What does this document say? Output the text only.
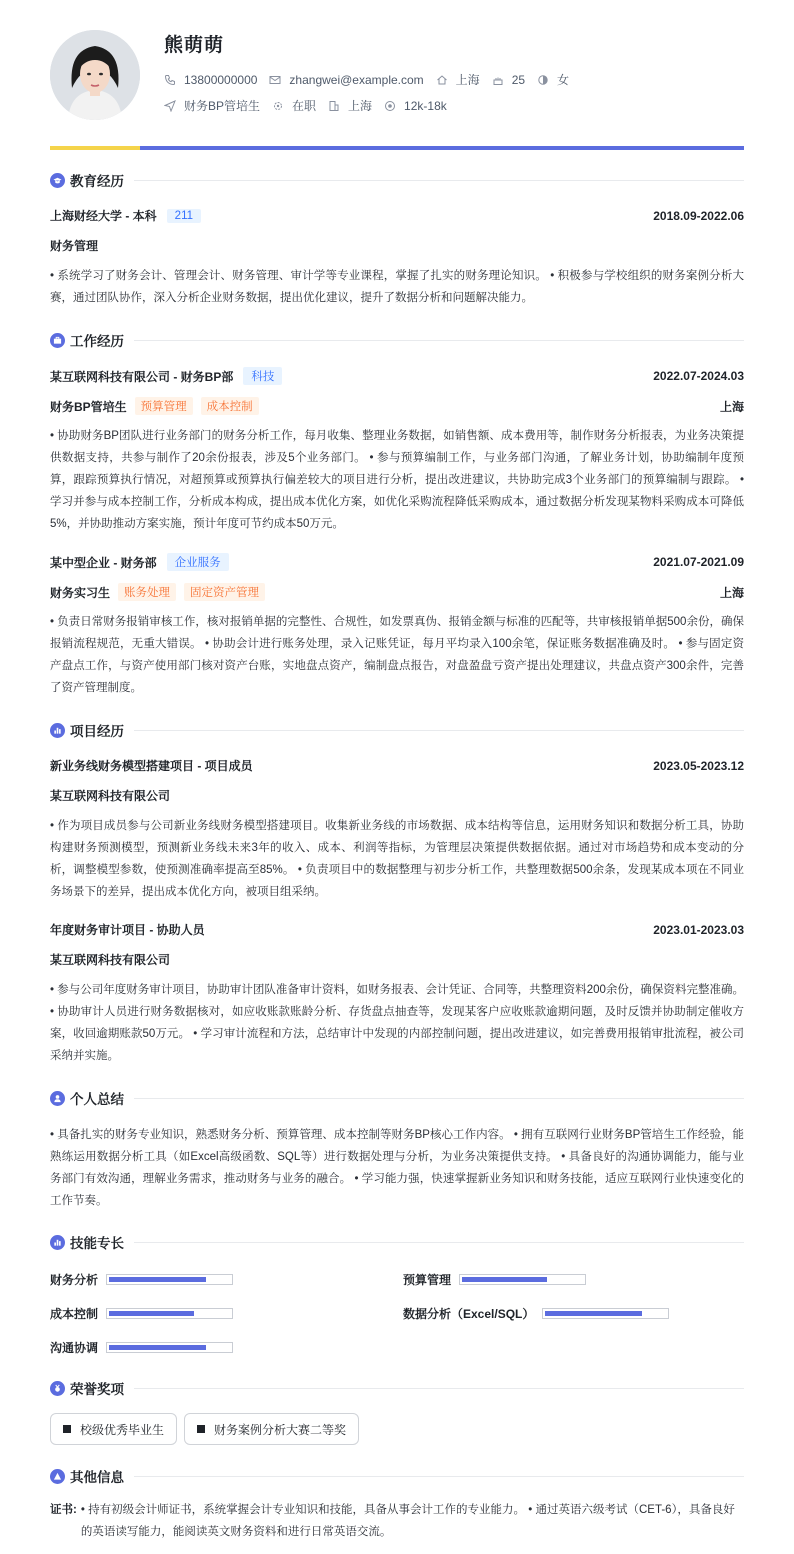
熊萌萌
13800000000	zhangwei@example.com	上海	25	女
财务BP管培生	在职	上海	12k-18k
教育经历
上海财经大学 - 本科	211	2018.09-2022.06
财务管理
• 系统学习了财务会计、管理会计、财务管理、审计学等专业课程，掌握了扎实的财务理论知识。 • 积极参与学校组织的财务案例分析大赛，通过团队协作，深入分析企业财务数据，提出优化建议，提升了数据分析和问题解决能力。
工作经历
某互联网科技有限公司 - 财务BP部	科技	2022.07-2024.03
财务BP管培生	预算管理	成本控制	上海
• 协助财务BP团队进行业务部门的财务分析工作，每月收集、整理业务数据，如销售额、成本费用等，制作财务分析报表，为业务决策提供数据支持，共参与制作了20余份报表，涉及5个业务部门。 • 参与预算编制工作，与业务部门沟通，了解业务计划，协助编制年度预算，跟踪预算执行情况，对超预算或预算执行偏差较大的项目进行分析，提出改进建议，共协助完成3个业务部门的预算编制与跟踪。 • 学习并参与成本控制工作，分析成本构成，提出成本优化方案，如优化采购流程降低采购成本，通过数据分析发现某物料采购成本可降低5%，并协助推动方案实施，预计年度可节约成本50万元。
某中型企业 - 财务部	企业服务	2021.07-2021.09
财务实习生	账务处理	固定资产管理	上海
• 负责日常财务报销审核工作，核对报销单据的完整性、合规性，如发票真伪、报销金额与标准的匹配等，共审核报销单据500余份，确保报销流程规范，无重大错误。 • 协助会计进行账务处理，录入记账凭证，每月平均录入100余笔，保证账务数据准确及时。 • 参与固定资产盘点工作，与资产使用部门核对资产台账，实地盘点资产，编制盘点报告，对盘盈盘亏资产提出处理建议，共盘点资产300余件，完善了资产管理制度。
项目经历
新业务线财务模型搭建项目 - 项目成员	2023.05-2023.12
某互联网科技有限公司
• 作为项目成员参与公司新业务线财务模型搭建项目。收集新业务线的市场数据、成本结构等信息，运用财务知识和数据分析工具，协助构建财务预测模型，预测新业务线未来3年的收入、成本、利润等指标，为管理层决策提供数据依据。通过对市场趋势和成本变动的分析，调整模型参数，使预测准确率提高至85%。 • 负责项目中的数据整理与初步分析工作，共整理数据500余条，发现某成本项在不同业务场景下的差异，提出成本优化方向，被项目组采纳。
年度财务审计项目 - 协助人员	2023.01-2023.03
某互联网科技有限公司
• 参与公司年度财务审计项目，协助审计团队准备审计资料，如财务报表、会计凭证、合同等，共整理资料200余份，确保资料完整准确。 • 协助审计人员进行财务数据核对，如应收账款账龄分析、存货盘点抽查等，发现某客户应收账款逾期问题，及时反馈并协助制定催收方案，收回逾期账款50万元。 • 学习审计流程和方法，总结审计中发现的内部控制问题，提出改进建议，如完善费用报销审批流程，被公司采纳并实施。
个人总结
• 具备扎实的财务专业知识，熟悉财务分析、预算管理、成本控制等财务BP核心工作内容。 • 拥有互联网行业财务BP管培生工作经验，能熟练运用数据分析工具（如Excel高级函数、SQL等）进行数据处理与分析，为业务决策提供支持。 • 具备良好的沟通协调能力，能与业务部门有效沟通，理解业务需求，推动财务与业务的融合。 • 学习能力强，快速掌握新业务知识和财务技能，适应互联网行业快速变化的工作节奏。
技能专长
财务分析	预算管理
成本控制	数据分析（Excel/SQL）
沟通协调
荣誉奖项
校级优秀毕业生	财务案例分析大赛二等奖
其他信息
证书: • 持有初级会计师证书，系统掌握会计专业知识和技能，具备从事会计工作的专业能力。 • 通过英语六级考试（CET-6），具备良好的英语读写能力，能阅读英文财务资料和进行日常英语交流。
